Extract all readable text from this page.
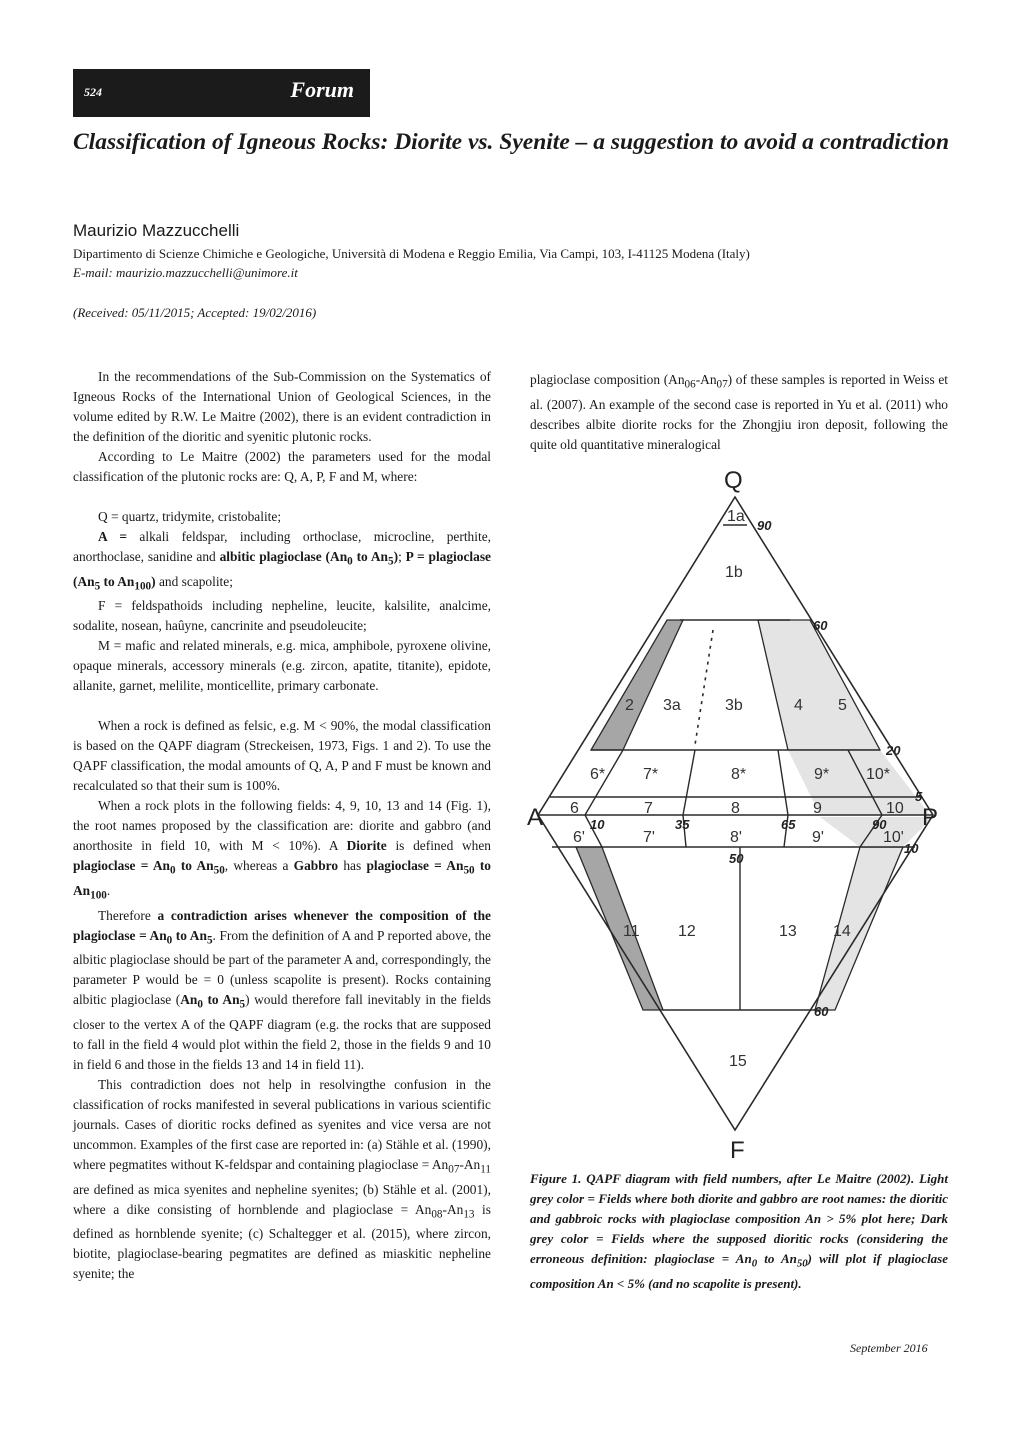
524	Forum
Classification of Igneous Rocks: Diorite vs. Syenite – a suggestion to avoid a contradiction
Maurizio Mazzucchelli
Dipartimento di Scienze Chimiche e Geologiche, Università di Modena e Reggio Emilia, Via Campi, 103, I-41125 Modena (Italy)
E-mail: maurizio.mazzucchelli@unimore.it
(Received: 05/11/2015; Accepted: 19/02/2016)

In the recommendations of the Sub-Commission on the Systematics of Igneous Rocks of the International Union of Geological Sciences, in the volume edited by R.W. Le Maitre (2002), there is an evident contradiction in the definition of the dioritic and syenitic plutonic rocks.

According to Le Maitre (2002) the parameters used for the modal classification of the plutonic rocks are: Q, A, P, F and M, where:

Q = quartz, tridymite, cristobalite;

A = alkali feldspar, including orthoclase, microcline, perthite, anorthoclase, sanidine and albitic plagioclase ($An_0$ to $An_5$); P = plagioclase ($An_5$ to $An_{100}$) and scapolite;

F = feldspathoids including nepheline, leucite, kalsilite, analcime, sodalite, nosean, haûyne, cancrinite and pseudoleucite;

M = mafic and related minerals, e.g. mica, amphibole, pyroxene olivine, opaque minerals, accessory minerals (e.g. zircon, apatite, titanite), epidote, allanite, garnet, melilite, monticellite, primary carbonate.

When a rock is defined as felsic, e.g. M < 90%, the modal classification is based on the QAPF diagram (Streckeisen, 1973, Figs. 1 and 2). To use the QAPF classification, the modal amounts of Q, A, P and F must be known and recalculated so that their sum is 100%.

When a rock plots in the following fields: 4, 9, 10, 13 and 14 (Fig. 1), the root names proposed by the classification are: diorite and gabbro (and anorthosite in field 10, with M < 10%). A Diorite is defined when plagioclase = $An_0$ to $An_{50}$, whereas a Gabbro has plagioclase = $An_{50}$ to $An_{100}$.

Therefore a contradiction arises whenever the composition of the plagioclase = $An_0$ to $An_5$. From the definition of A and P reported above, the albitic plagioclase should be part of the parameter A and, correspondingly, the parameter P would be = 0 (unless scapolite is present). Rocks containing albitic plagioclase ($An_0$ to $An_5$) would therefore fall inevitably in the fields closer to the vertex A of the QAPF diagram (e.g. the rocks that are supposed to fall in the field 4 would plot within the field 2, those in the fields 9 and 10 in field 6 and those in the fields 13 and 14 in field 11).

This contradiction does not help in resolvingthe confusion in the classification of rocks manifested in several publications in various scientific journals. Cases of dioritic rocks defined as syenites and vice versa are not uncommon. Examples of the first case are reported in: (a) Stähle et al. (1990), where pegmatites without K-feldspar and containing plagioclase = $An_{07}-An_{11}$ are defined as mica syenites and nepheline syenites; (b) Stähle et al. (2001), where a dike consisting of hornblende and plagioclase = $An_{08}-An_{13}$ is defined as hornblende syenite; (c) Schaltegger et al. (2015), where zircon, biotite, plagioclase-bearing pegmatites are defined as miaskitic nepheline syenite; the

plagioclase composition $(An_{06}-An_{07})$ of these samples is reported in Weiss et al. (2007). An example of the second case is reported in Yu et al. (2011) who describes albite diorite rocks for the Zhongjiu iron deposit, following the quite old quantitative mineralogical

Q
A	P
F
1a
1b
2 3a	3b	4 5
6* 7*	8*	9* 10*
6	7	8	9	10
6'	7'	8'	9'	10'
11 12	13 14
15
90
60
20
5
10	35	65	90
50
10
60

Figure 1. QAPF diagram with field numbers, after Le Maitre (2002). Light grey color = Fields where both diorite and gabbro are root names: the dioritic and gabbroic rocks with plagioclase composition An > 5% plot here; Dark grey color = Fields where the supposed dioritic rocks (considering the erroneous definition: plagioclase = $An_0$ to $An_{50}$) will plot if plagioclase composition An < 5% (and no scapolite is present).

September 2016
